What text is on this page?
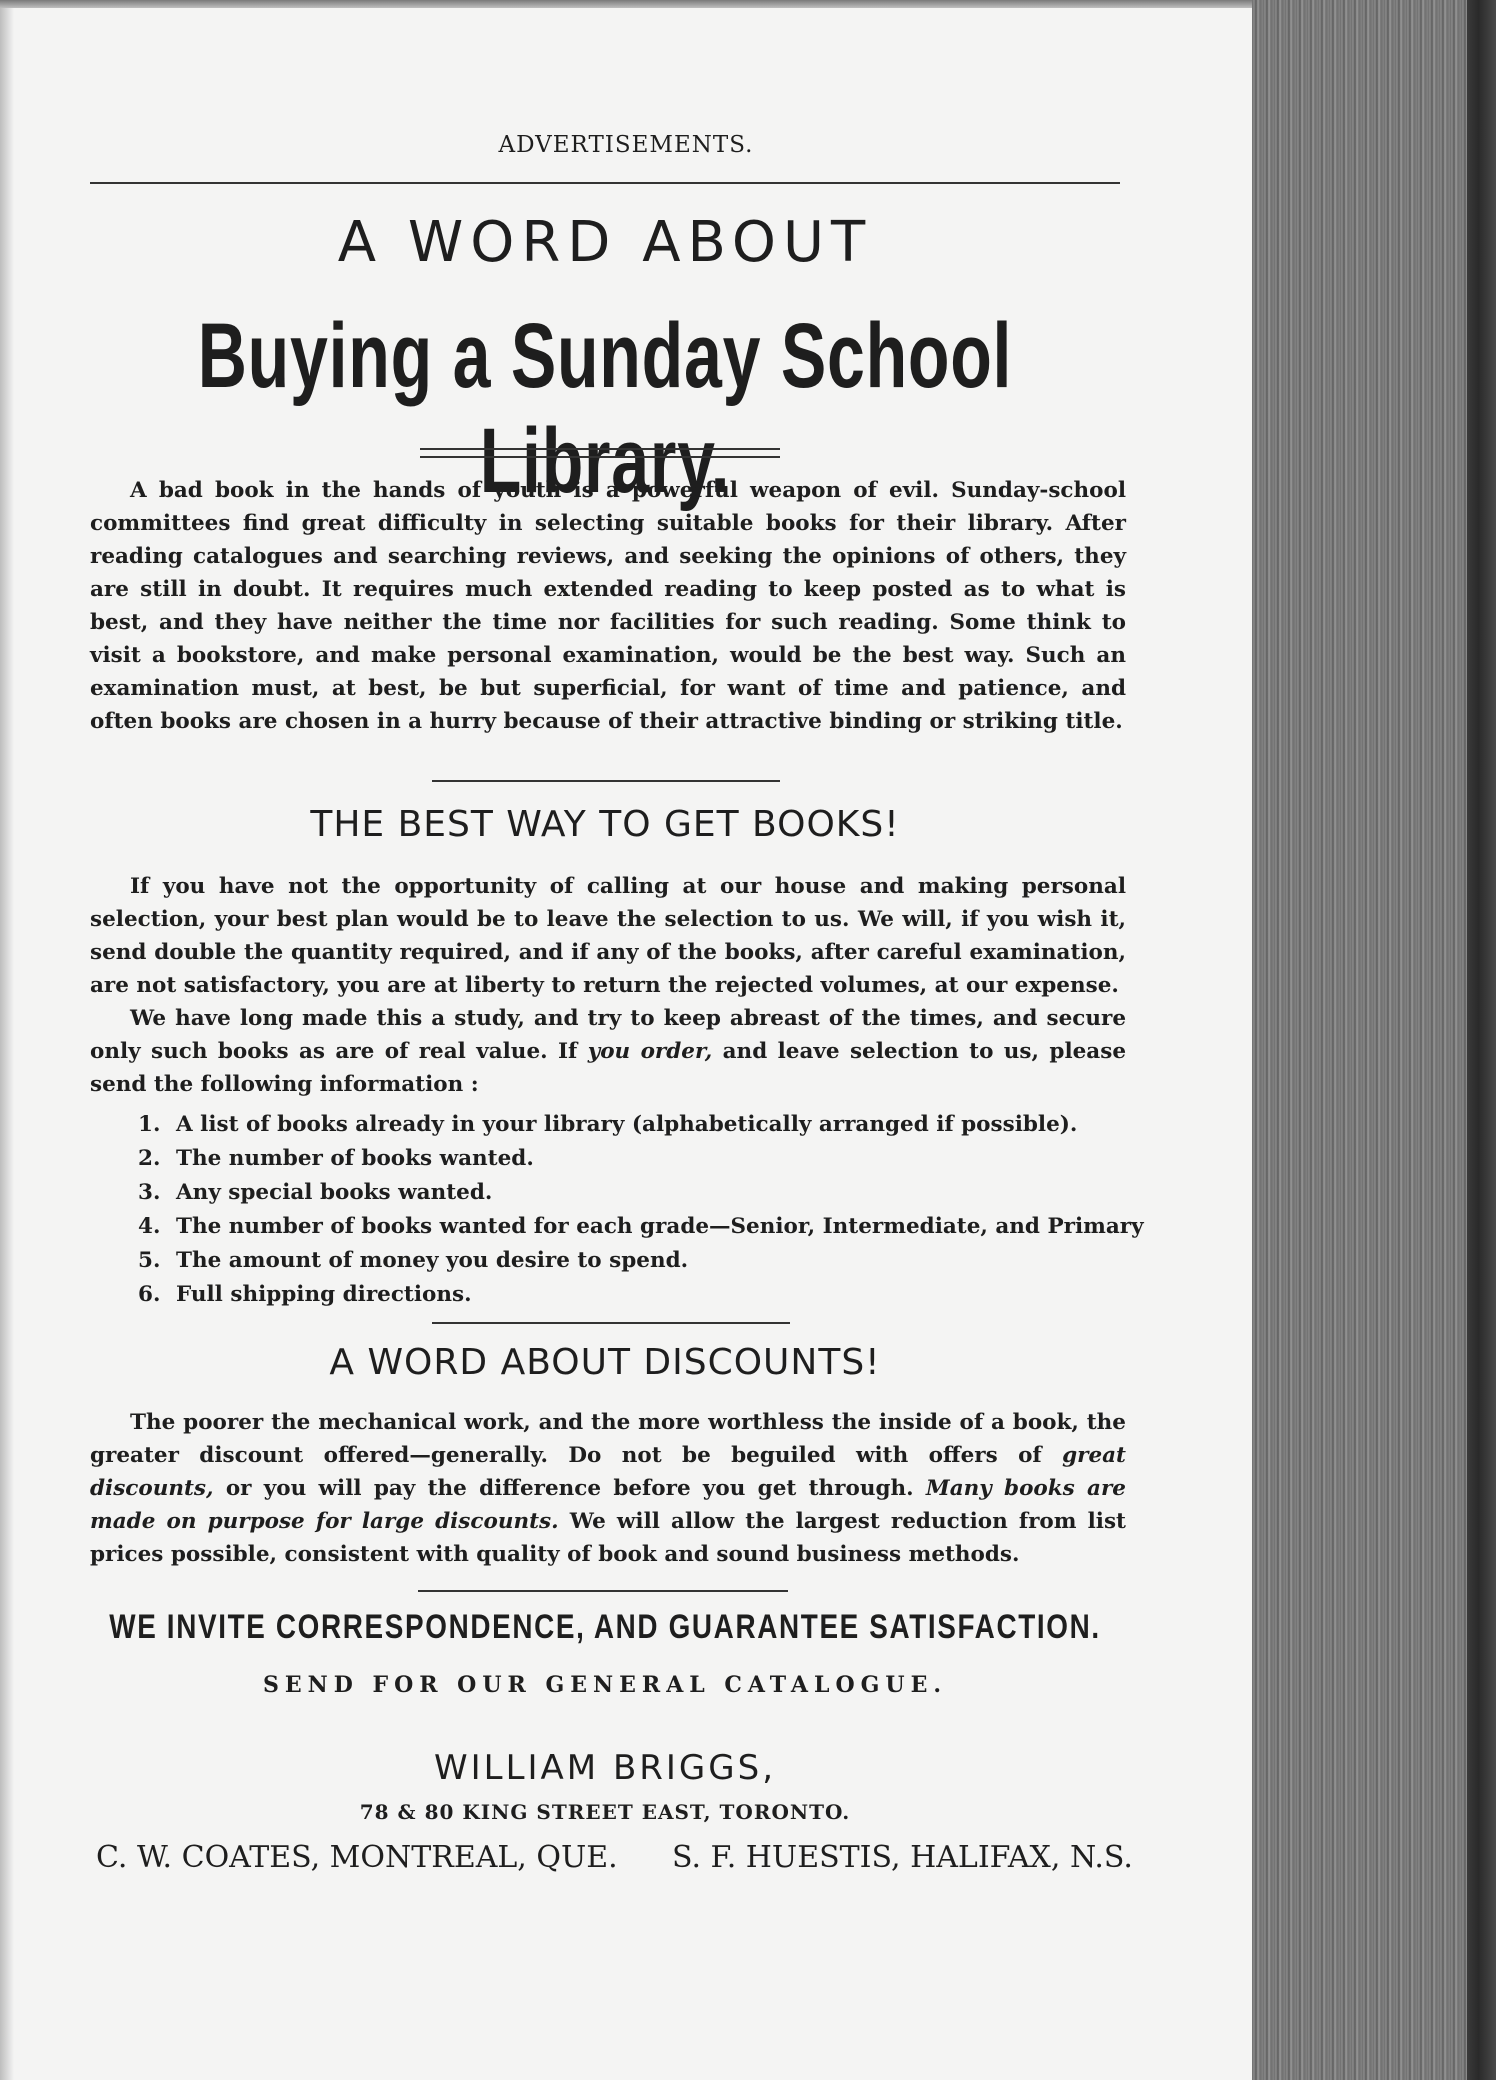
ADVERTISEMENTS.
A WORD ABOUT
Buying a Sunday School Library.

A bad book in the hands of youth is a powerful weapon of evil. Sunday-school committees find great difficulty in selecting suitable books for their library. After reading catalogues and searching reviews, and seeking the opinions of others, they are still in doubt. It requires much extended reading to keep posted as to what is best, and they have neither the time nor facilities for such reading. Some think to visit a bookstore, and make personal examination, would be the best way. Such an examination must, at best, be but superficial, for want of time and patience, and often books are chosen in a hurry because of their attractive binding or striking title.

THE BEST WAY TO GET BOOKS!

If you have not the opportunity of calling at our house and making personal selection, your best plan would be to leave the selection to us. We will, if you wish it, send double the quantity required, and if any of the books, after careful examination, are not satisfactory, you are at liberty to return the rejected volumes, at our expense.

We have long made this a study, and try to keep abreast of the times, and secure only such books as are of real value. If you order, and leave selection to us, please send the following information :

1. A list of books already in your library (alphabetically arranged if possible).
2. The number of books wanted.
3. Any special books wanted.
4. The number of books wanted for each grade—Senior, Intermediate, and Primary
5. The amount of money you desire to spend.
6. Full shipping directions.
A WORD ABOUT DISCOUNTS!

The poorer the mechanical work, and the more worthless the inside of a book, the greater discount offered—generally. Do not be beguiled with offers of great discounts, or you will pay the difference before you get through. Many books are made on purpose for large discounts. We will allow the largest reduction from list prices possible, consistent with quality of book and sound business methods.

WE INVITE CORRESPONDENCE, AND GUARANTEE SATISFACTION.
SEND FOR OUR GENERAL CATALOGUE.
WILLIAM BRIGGS,
78 & 80 KING STREET EAST, TORONTO.
C. W. COATES, MONTREAL, QUE. S. F. HUESTIS, HALIFAX, N.S.
